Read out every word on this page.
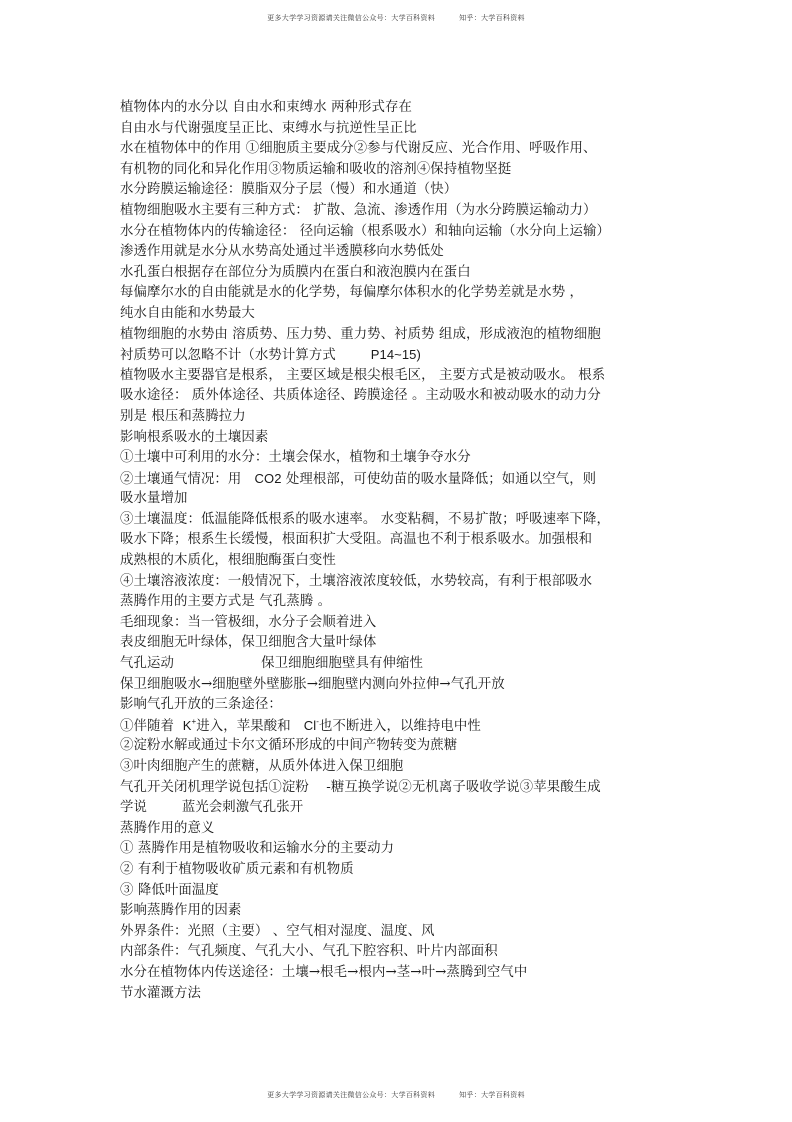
更多大学学习资源请关注微信公众号：大学百科资料	知乎：大学百科资料
植物体内的水分以 自由水和束缚水 两种形式存在
自由水与代谢强度呈正比、束缚水与抗逆性呈正比
水在植物体中的作用 ①细胞质主要成分②参与代谢反应、光合作用、呼吸作用、
有机物的同化和异化作用③物质运输和吸收的溶剂④保持植物坚挺
水分跨膜运输途径：膜脂双分子层（慢）和水通道（快）
植物细胞吸水主要有三种方式： 扩散、急流、渗透作用（为水分跨膜运输动力）
水分在植物体内的传输途径： 径向运输（根系吸水）和轴向运输（水分向上运输）
渗透作用就是水分从水势高处通过半透膜移向水势低处
水孔蛋白根据存在部位分为质膜内在蛋白和液泡膜内在蛋白
每偏摩尔水的自由能就是水的化学势，每偏摩尔体积水的化学势差就是水势 ，
纯水自由能和水势最大
植物细胞的水势由 溶质势、压力势、重力势、衬质势 组成，形成液泡的植物细胞
衬质势可以忽略不计（水势计算方式	P14~15)
植物吸水主要器官是根系， 主要区域是根尖根毛区， 主要方式是被动吸水。 根系
吸水途径： 质外体途径、共质体途径、跨膜途径 。主动吸水和被动吸水的动力分
别是 根压和蒸腾拉力
影响根系吸水的土壤因素
①土壤中可利用的水分：土壤会保水，植物和土壤争夺水分
②土壤通气情况：用 CO2 处理根部，可使幼苗的吸水量降低；如通以空气，则
吸水量增加
③土壤温度：低温能降低根系的吸水速率。 水变粘稠，不易扩散；呼吸速率下降，
吸水下降；根系生长缓慢，根面积扩大受阻。高温也不利于根系吸水。加强根和
成熟根的木质化，根细胞酶蛋白变性
④土壤溶液浓度：一般情况下，土壤溶液浓度较低，水势较高，有利于根部吸水
蒸腾作用的主要方式是 气孔蒸腾 。
毛细现象：当一管极细，水分子会顺着进入
表皮细胞无叶绿体，保卫细胞含大量叶绿体
气孔运动                    保卫细胞细胞壁具有伸缩性
保卫细胞吸水→细胞壁外壁膨胀→细胞壁内测向外拉伸→气孔开放
影响气孔开放的三条途径：
①伴随着 K+进入，苹果酸和 Cl-也不断进入，以维持电中性
②淀粉水解或通过卡尔文循环形成的中间产物转变为蔗糖
③叶肉细胞产生的蔗糖，从质外体进入保卫细胞
气孔开关闭机理学说包括①淀粉    -糖互换学说②无机离子吸收学说③苹果酸生成
学说        蓝光会刺激气孔张开
蒸腾作用的意义
① 蒸腾作用是植物吸收和运输水分的主要动力
② 有利于植物吸收矿质元素和有机物质
③ 降低叶面温度
影响蒸腾作用的因素
外界条件：光照（主要） 、空气相对湿度、温度、风
内部条件：气孔频度、气孔大小、气孔下腔容积、叶片内部面积
水分在植物体内传送途径：土壤→根毛→根内→茎→叶→蒸腾到空气中
节水灌溉方法
更多大学学习资源请关注微信公众号：大学百科资料	知乎：大学百科资料
